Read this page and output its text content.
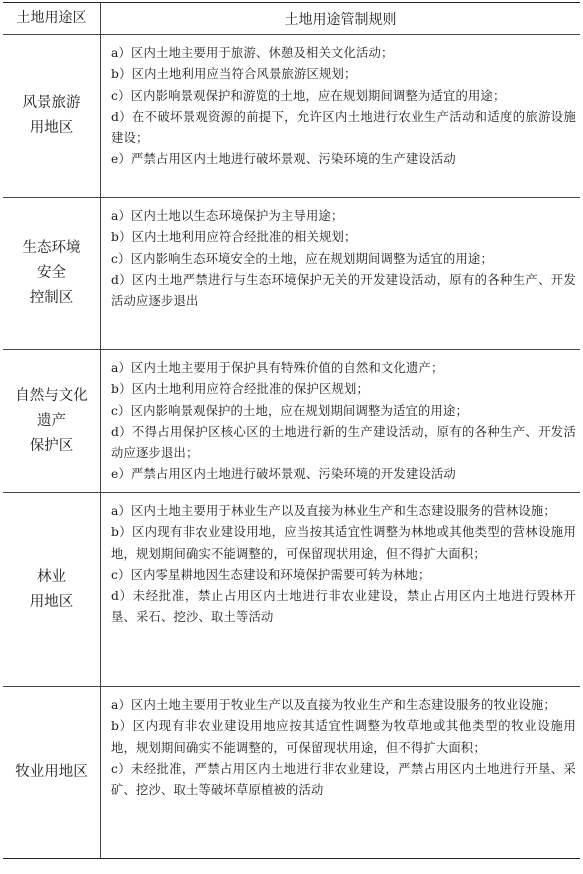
土地用途区	土地用途管制规则

风景旅游
用地区	a）区内土地主要用于旅游、休憩及相关文化活动；
b）区内土地利用应当符合风景旅游区规划；
c）区内影响景观保护和游览的土地，应在规划期间调整为适宜的用途；
d）在不破坏景观资源的前提下，允许区内土地进行农业生产活动和适度的旅游设施建设；
e）严禁占用区内土地进行破坏景观、污染环境的生产建设活动

生态环境
安全
控制区	a）区内土地以生态环境保护为主导用途；
b）区内土地利用应符合经批准的相关规划；
c）区内影响生态环境安全的土地，应在规划期间调整为适宜的用途；
d）区内土地严禁进行与生态环境保护无关的开发建设活动，原有的各种生产、开发活动应逐步退出

自然与文化
遗产
保护区	a）区内土地主要用于保护具有特殊价值的自然和文化遗产；
b）区内土地利用应符合经批准的保护区规划；
c）区内影响景观保护的土地，应在规划期间调整为适宜的用途；
d）不得占用保护区核心区的土地进行新的生产建设活动，原有的各种生产、开发活动应逐步退出；
e）严禁占用区内土地进行破坏景观、污染环境的开发建设活动

林业
用地区	a）区内土地主要用于林业生产以及直接为林业生产和生态建设服务的营林设施；
b）区内现有非农业建设用地，应当按其适宜性调整为林地或其他类型的营林设施用地，规划期间确实不能调整的，可保留现状用途，但不得扩大面积；
c）区内零星耕地因生态建设和环境保护需要可转为林地；
d）未经批准，禁止占用区内土地进行非农业建设，禁止占用区内土地进行毁林开垦、采石、挖沙、取土等活动

牧业用地区	a）区内土地主要用于牧业生产以及直接为牧业生产和生态建设服务的牧业设施；
b）区内现有非农业建设用地应按其适宜性调整为牧草地或其他类型的牧业设施用地，规划期间确实不能调整的，可保留现状用途，但不得扩大面积；
c）未经批准，严禁占用区内土地进行非农业建设，严禁占用区内土地进行开垦、采矿、挖沙、取土等破坏草原植被的活动
